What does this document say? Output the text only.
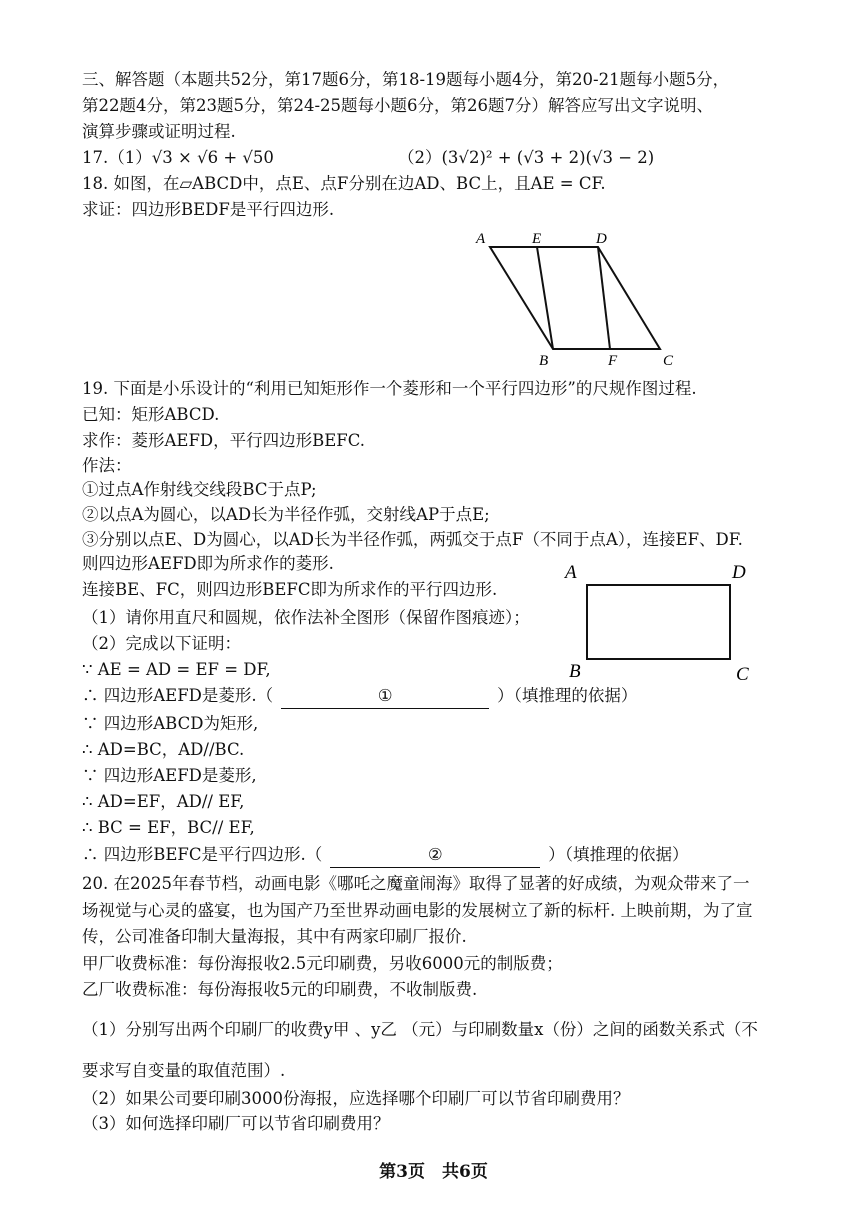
三、解答题（本题共52分，第17题6分，第18-19题每小题4分，第20-21题每小题5分，
第22题4分，第23题5分，第24-25题每小题6分，第26题7分）解答应写出文字说明、
演算步骤或证明过程.
17.（1）√3 × √6 + √50	（2）(3√2)² + (√3 + 2)(√3 − 2)
18. 如图，在▱ABCD中，点E、点F分别在边AD、BC上，且AE = CF.
求证：四边形BEDF是平行四边形.
A	E	D
B	F	C
19. 下面是小乐设计的“利用已知矩形作一个菱形和一个平行四边形”的尺规作图过程.
已知：矩形ABCD.
求作：菱形AEFD，平行四边形BEFC.
作法：
①过点A作射线交线段BC于点P;
②以点A为圆心，以AD长为半径作弧，交射线AP于点E;
③分别以点E、D为圆心，以AD长为半径作弧，两弧交于点F（不同于点A），连接EF、DF.
则四边形AEFD即为所求作的菱形.
连接BE、FC，则四边形BEFC即为所求作的平行四边形.
（1）请你用直尺和圆规，依作法补全图形（保留作图痕迹）；
（2）完成以下证明：
∵ AE = AD = EF = DF,
∴ 四边形AEFD是菱形.（	①	）（填推理的依据）
∵ 四边形ABCD为矩形,
∴ AD=BC，AD//BC.
∵ 四边形AEFD是菱形,
∴ AD=EF，AD// EF,
∴ BC = EF，BC// EF,
∴ 四边形BEFC是平行四边形.（	②	）（填推理的依据）
A	D
B	C
20. 在2025年春节档，动画电影《哪吒之魔童闹海》取得了显著的好成绩，为观众带来了一
场视觉与心灵的盛宴，也为国产乃至世界动画电影的发展树立了新的标杆. 上映前期，为了宣
传，公司准备印制大量海报，其中有两家印刷厂报价.
甲厂收费标准：每份海报收2.5元印刷费，另收6000元的制版费；
乙厂收费标准：每份海报收5元的印刷费，不收制版费.
（1）分别写出两个印刷厂的收费y甲 、y乙 （元）与印刷数量x（份）之间的函数关系式（不
要求写自变量的取值范围）.
（2）如果公司要印刷3000份海报，应选择哪个印刷厂可以节省印刷费用？
（3）如何选择印刷厂可以节省印刷费用？
第3页　共6页
